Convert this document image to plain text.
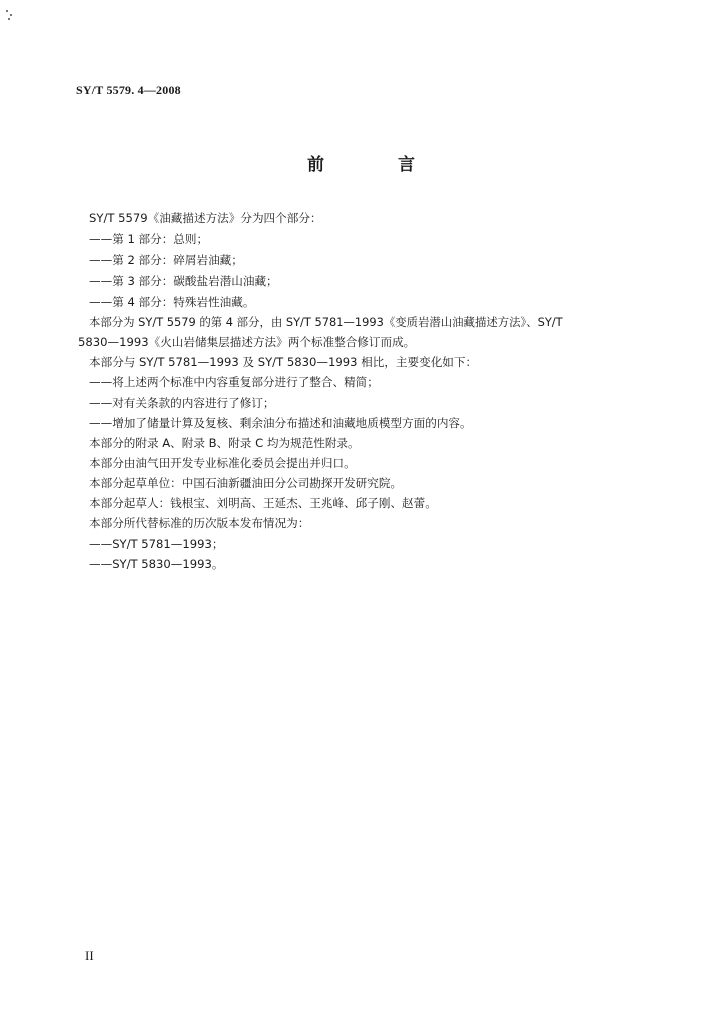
SY/T 5579. 4—2008
前 言
SY/T 5579《油藏描述方法》分为四个部分：
——第 1 部分：总则；
——第 2 部分：碎屑岩油藏；
——第 3 部分：碳酸盐岩潜山油藏；
——第 4 部分：特殊岩性油藏。
本部分为 SY/T 5579 的第 4 部分，由 SY/T 5781—1993《变质岩潜山油藏描述方法》、SY/T
5830—1993《火山岩储集层描述方法》两个标准整合修订而成。
本部分与 SY/T 5781—1993 及 SY/T 5830—1993 相比，主要变化如下：
——将上述两个标准中内容重复部分进行了整合、精简；
——对有关条款的内容进行了修订；
——增加了储量计算及复核、剩余油分布描述和油藏地质模型方面的内容。
本部分的附录 A、附录 B、附录 C 均为规范性附录。
本部分由油气田开发专业标准化委员会提出并归口。
本部分起草单位：中国石油新疆油田分公司勘探开发研究院。
本部分起草人：钱根宝、刘明高、王延杰、王兆峰、邱子刚、赵蕾。
本部分所代替标准的历次版本发布情况为：
——SY/T 5781—1993；
——SY/T 5830—1993。
II
